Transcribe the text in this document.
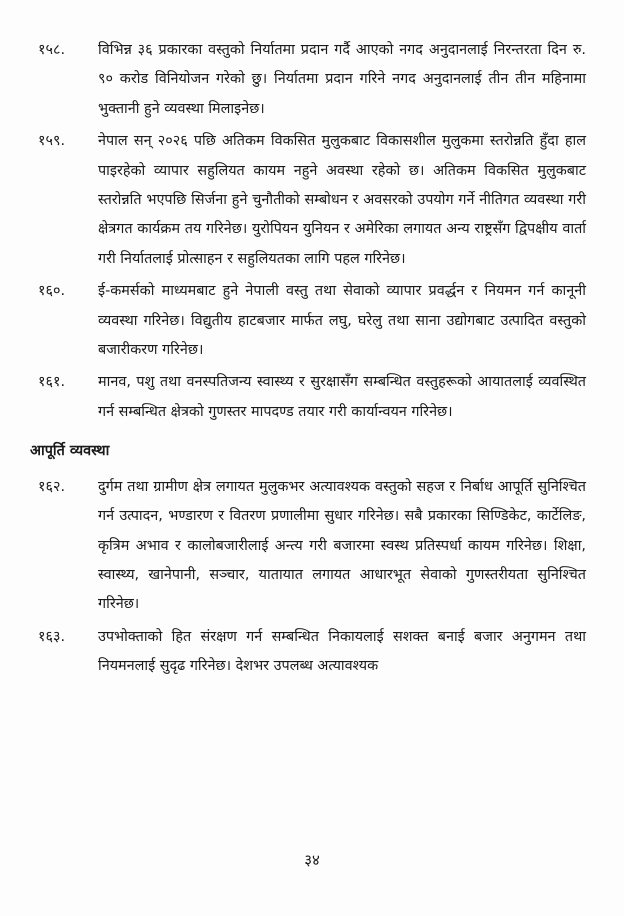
१५८. विभिन्न ३६ प्रकारका वस्तुको निर्यातमा प्रदान गर्दै आएको नगद अनुदानलाई निरन्तरता दिन रु. ९० करोड विनियोजन गरेको छु। निर्यातमा प्रदान गरिने नगद अनुदानलाई तीन तीन महिनामा भुक्तानी हुने व्यवस्था मिलाइनेछ।
१५९. नेपाल सन् २०२६ पछि अतिकम विकसित मुलुकबाट विकासशील मुलुकमा स्तरोन्नति हुँदा हाल पाइरहेको व्यापार सहुलियत कायम नहुने अवस्था रहेको छ। अतिकम विकसित मुलुकबाट स्तरोन्नति भएपछि सिर्जना हुने चुनौतीको सम्बोधन र अवसरको उपयोग गर्ने नीतिगत व्यवस्था गरी क्षेत्रगत कार्यक्रम तय गरिनेछ। युरोपियन युनियन र अमेरिका लगायत अन्य राष्ट्रसँग द्विपक्षीय वार्ता गरी निर्यातलाई प्रोत्साहन र सहुलियतका लागि पहल गरिनेछ।
१६०. ई-कमर्सको माध्यमबाट हुने नेपाली वस्तु तथा सेवाको व्यापार प्रवर्द्धन र नियमन गर्न कानूनी व्यवस्था गरिनेछ। विद्युतीय हाटबजार मार्फत लघु, घरेलु तथा साना उद्योगबाट उत्पादित वस्तुको बजारीकरण गरिनेछ।
१६१. मानव, पशु तथा वनस्पतिजन्य स्वास्थ्य र सुरक्षासँग सम्बन्धित वस्तुहरूको आयातलाई व्यवस्थित गर्न सम्बन्धित क्षेत्रको गुणस्तर मापदण्ड तयार गरी कार्यान्वयन गरिनेछ।
आपूर्ति व्यवस्था
१६२. दुर्गम तथा ग्रामीण क्षेत्र लगायत मुलुकभर अत्यावश्यक वस्तुको सहज र निर्बाध आपूर्ति सुनिश्चित गर्न उत्पादन, भण्डारण र वितरण प्रणालीमा सुधार गरिनेछ। सबै प्रकारका सिण्डिकेट, कार्टेलिङ, कृत्रिम अभाव र कालोबजारीलाई अन्त्य गरी बजारमा स्वस्थ प्रतिस्पर्धा कायम गरिनेछ। शिक्षा, स्वास्थ्य, खानेपानी, सञ्चार, यातायात लगायत आधारभूत सेवाको गुणस्तरीयता सुनिश्चित गरिनेछ।
१६३. उपभोक्ताको हित संरक्षण गर्न सम्बन्धित निकायलाई सशक्त बनाई बजार अनुगमन तथा नियमनलाई सुदृढ गरिनेछ। देशभर उपलब्ध अत्यावश्यक
३४
